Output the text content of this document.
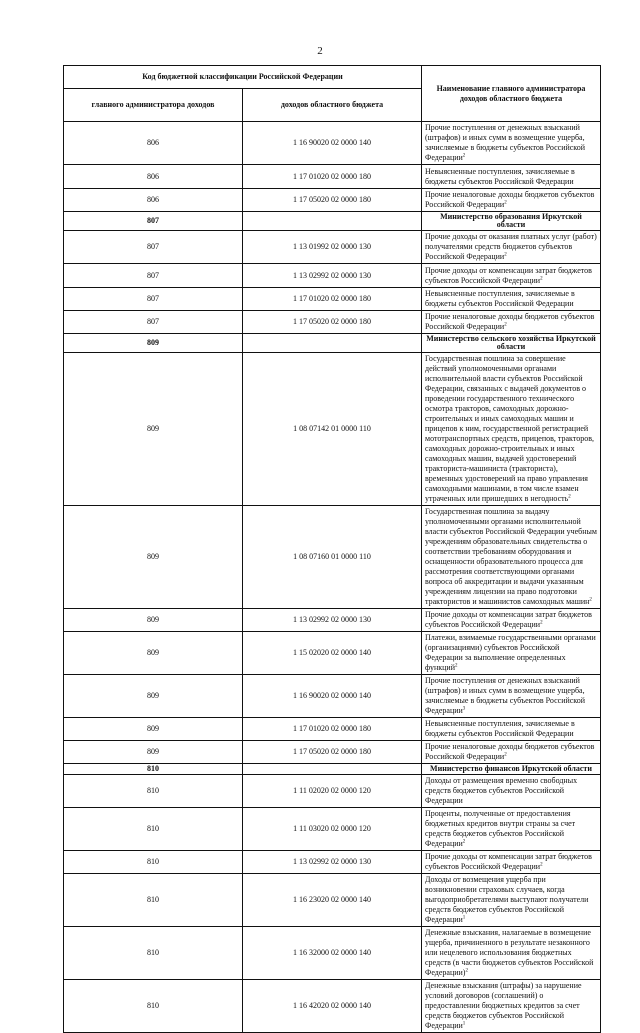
2
Код бюджетной классификации Российской Федерации		Наименование главного администратора доходов областного бюджета
главного администратора доходов	доходов областного бюджета	
806	1 16 90020 02 0000 140	Прочие поступления от денежных взысканий (штрафов) и иных сумм в возмещение ущерба, зачисляемые в бюджеты субъектов Российской Федерации$^2$
806	1 17 01020 02 0000 180	Невыясненные поступления, зачисляемые в бюджеты субъектов Российской Федерации
806	1 17 05020 02 0000 180	Прочие неналоговые доходы бюджетов субъектов Российской Федерации$^2$
807		Министерство образования Иркутской области
807	1 13 01992 02 0000 130	Прочие доходы от оказания платных услуг (работ) получателями средств бюджетов субъектов Российской Федерации$^2$
807	1 13 02992 02 0000 130	Прочие доходы от компенсации затрат бюджетов субъектов Российской Федерации$^2$
807	1 17 01020 02 0000 180	Невыясненные поступления, зачисляемые в бюджеты субъектов Российской Федерации
807	1 17 05020 02 0000 180	Прочие неналоговые доходы бюджетов субъектов Российской Федерации$^2$
809		Министерство сельского хозяйства Иркутской области
809	1 08 07142 01 0000 110	Государственная пошлина за совершение действий уполномоченными органами исполнительной власти субъектов Российской Федерации, связанных с выдачей документов о проведении государственного технического осмотра тракторов, самоходных дорожно-строительных и иных самоходных машин и прицепов к ним, государственной регистрацией мототранспортных средств, прицепов, тракторов, самоходных дорожно-строительных и иных самоходных машин, выдачей удостоверений тракториста-машиниста (тракториста), временных удостоверений на право управления самоходными машинами, в том числе взамен утраченных или пришедших в негодность$^2$
809	1 08 07160 01 0000 110	Государственная пошлина за выдачу уполномоченными органами исполнительной власти субъектов Российской Федерации учебным учреждениям образовательных свидетельства о соответствии требованиям оборудования и оснащенности образовательного процесса для рассмотрения соответствующими органами вопроса об аккредитации и выдачи указанным учреждениям лицензии на право подготовки трактористов и машинистов самоходных машин$^2$
809	1 13 02992 02 0000 130	Прочие доходы от компенсации затрат бюджетов субъектов Российской Федерации$^2$
809	1 15 02020 02 0000 140	Платежи, взимаемые государственными органами (организациями) субъектов Российской Федерации за выполнение определенных функций$^2$
809	1 16 90020 02 0000 140	Прочие поступления от денежных взысканий (штрафов) и иных сумм в возмещение ущерба, зачисляемые в бюджеты субъектов Российской Федерации$^3$
809	1 17 01020 02 0000 180	Невыясненные поступления, зачисляемые в бюджеты субъектов Российской Федерации
809	1 17 05020 02 0000 180	Прочие неналоговые доходы бюджетов субъектов Российской Федерации$^2$
810		Министерство финансов Иркутской области
810	1 11 02020 02 0000 120	Доходы от размещения временно свободных средств бюджетов субъектов Российской Федерации
810	1 11 03020 02 0000 120	Проценты, полученные от предоставления бюджетных кредитов внутри страны за счет средств бюджетов субъектов Российской Федерации$^2$
810	1 13 02992 02 0000 130	Прочие доходы от компенсации затрат бюджетов субъектов Российской Федерации$^2$
810	1 16 23020 02 0000 140	Доходы от возмещения ущерба при возникновении страховых случаев, когда выгодоприобретателями выступают получатели средств бюджетов субъектов Российской Федерации$^1$
810	1 16 32000 02 0000 140	Денежные взыскания, налагаемые в возмещение ущерба, причиненного в результате незаконного или нецелевого использования бюджетных средств (в части бюджетов субъектов Российской Федерации)$^2$
810	1 16 42020 02 0000 140	Денежные взыскания (штрафы) за нарушение условий договоров (соглашений) о предоставлении бюджетных кредитов за счет средств бюджетов субъектов Российской Федерации$^1$
